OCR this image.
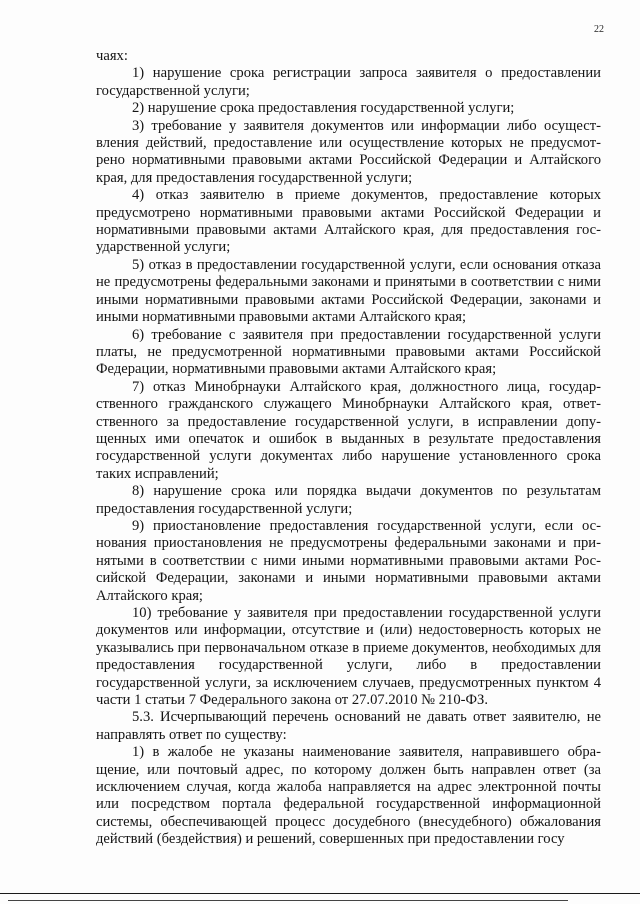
22

чаях:

1) нарушение срока регистрации запроса заявителя о предоставлении государственной услуги;

2) нарушение срока предоставления государственной услуги;

3) требование у заявителя документов или информации либо осуществления действий, предоставление или осуществление которых не предусмотрено нормативными правовыми актами Российской Федерации и Алтайского края, для предоставления государственной услуги;

4) отказ заявителю в приеме документов, предоставление которых предусмотрено нормативными правовыми актами Российской Федерации и нормативными правовыми актами Алтайского края, для предоставления государственной услуги;

5) отказ в предоставлении государственной услуги, если основания отказа не предусмотрены федеральными законами и принятыми в соответствии с ними иными нормативными правовыми актами Российской Федерации, законами и иными нормативными правовыми актами Алтайского края;

6) требование с заявителя при предоставлении государственной услуги платы, не предусмотренной нормативными правовыми актами Российской Федерации, нормативными правовыми актами Алтайского края;

7) отказ Минобрнауки Алтайского края, должностного лица, государственного гражданского служащего Минобрнауки Алтайского края, ответственного за предоставление государственной услуги, в исправлении допущенных ими опечаток и ошибок в выданных в результате предоставления государственной услуги документах либо нарушение установленного срока таких исправлений;

8) нарушение срока или порядка выдачи документов по результатам предоставления государственной услуги;

9) приостановление предоставления государственной услуги, если основания приостановления не предусмотрены федеральными законами и принятыми в соответствии с ними иными нормативными правовыми актами Российской Федерации, законами и иными нормативными правовыми актами Алтайского края;

10) требование у заявителя при предоставлении государственной услуги документов или информации, отсутствие и (или) недостоверность которых не указывались при первоначальном отказе в приеме документов, необходимых для предоставления государственной услуги, либо в предоставлении государственной услуги, за исключением случаев, предусмотренных пунктом 4 части 1 статьи 7 Федерального закона от 27.07.2010 № 210-ФЗ.

5.3. Исчерпывающий перечень оснований не давать ответ заявителю, не направлять ответ по существу:

1) в жалобе не указаны наименование заявителя, направившего обращение, или почтовый адрес, по которому должен быть направлен ответ (за исключением случая, когда жалоба направляется на адрес электронной почты или посредством портала федеральной государственной информационной системы, обеспечивающей процесс досудебного (внесудебного) обжалования действий (бездействия) и решений, совершенных при предоставлении госу
